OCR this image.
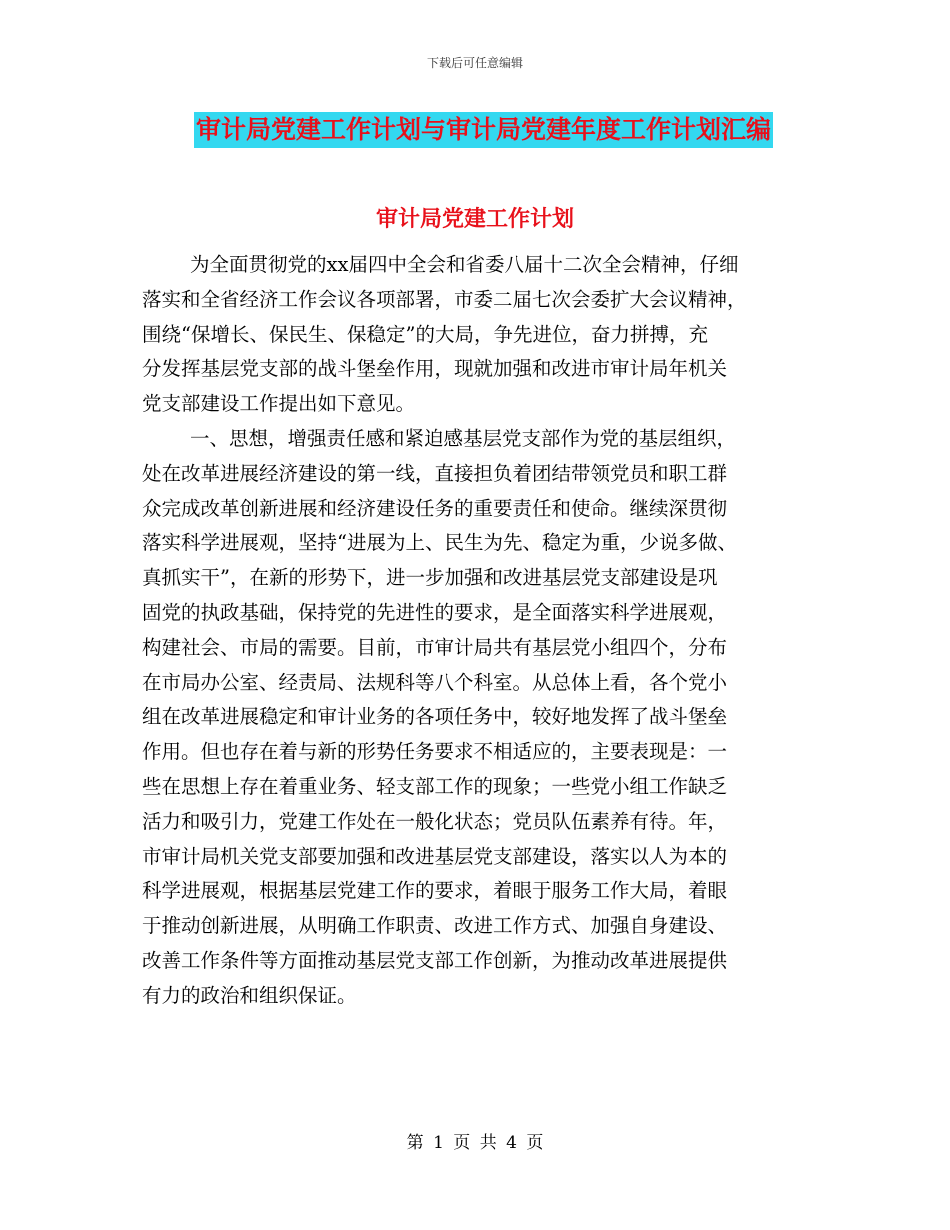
下载后可任意编辑
审计局党建工作计划与审计局党建年度工作计划汇编
审计局党建工作计划
为全面贯彻党的xx届四中全会和省委八届十二次全会精神，仔细
落实和全省经济工作会议各项部署，市委二届七次会委扩大会议精神，
围绕“保增长、保民生、保稳定”的大局，争先进位，奋力拼搏，充
分发挥基层党支部的战斗堡垒作用，现就加强和改进市审计局年机关
党支部建设工作提出如下意见。
一、思想，增强责任感和紧迫感基层党支部作为党的基层组织，
处在改革进展经济建设的第一线，直接担负着团结带领党员和职工群
众完成改革创新进展和经济建设任务的重要责任和使命。继续深贯彻
落实科学进展观，坚持“进展为上、民生为先、稳定为重，少说多做、
真抓实干”，在新的形势下，进一步加强和改进基层党支部建设是巩
固党的执政基础，保持党的先进性的要求，是全面落实科学进展观，
构建社会、市局的需要。目前，市审计局共有基层党小组四个，分布
在市局办公室、经责局、法规科等八个科室。从总体上看，各个党小
组在改革进展稳定和审计业务的各项任务中，较好地发挥了战斗堡垒
作用。但也存在着与新的形势任务要求不相适应的，主要表现是：一
些在思想上存在着重业务、轻支部工作的现象；一些党小组工作缺乏
活力和吸引力，党建工作处在一般化状态；党员队伍素养有待。年，
市审计局机关党支部要加强和改进基层党支部建设，落实以人为本的
科学进展观，根据基层党建工作的要求，着眼于服务工作大局，着眼
于推动创新进展，从明确工作职责、改进工作方式、加强自身建设、
改善工作条件等方面推动基层党支部工作创新，为推动改革进展提供
有力的政治和组织保证。
第 1 页 共 4 页
